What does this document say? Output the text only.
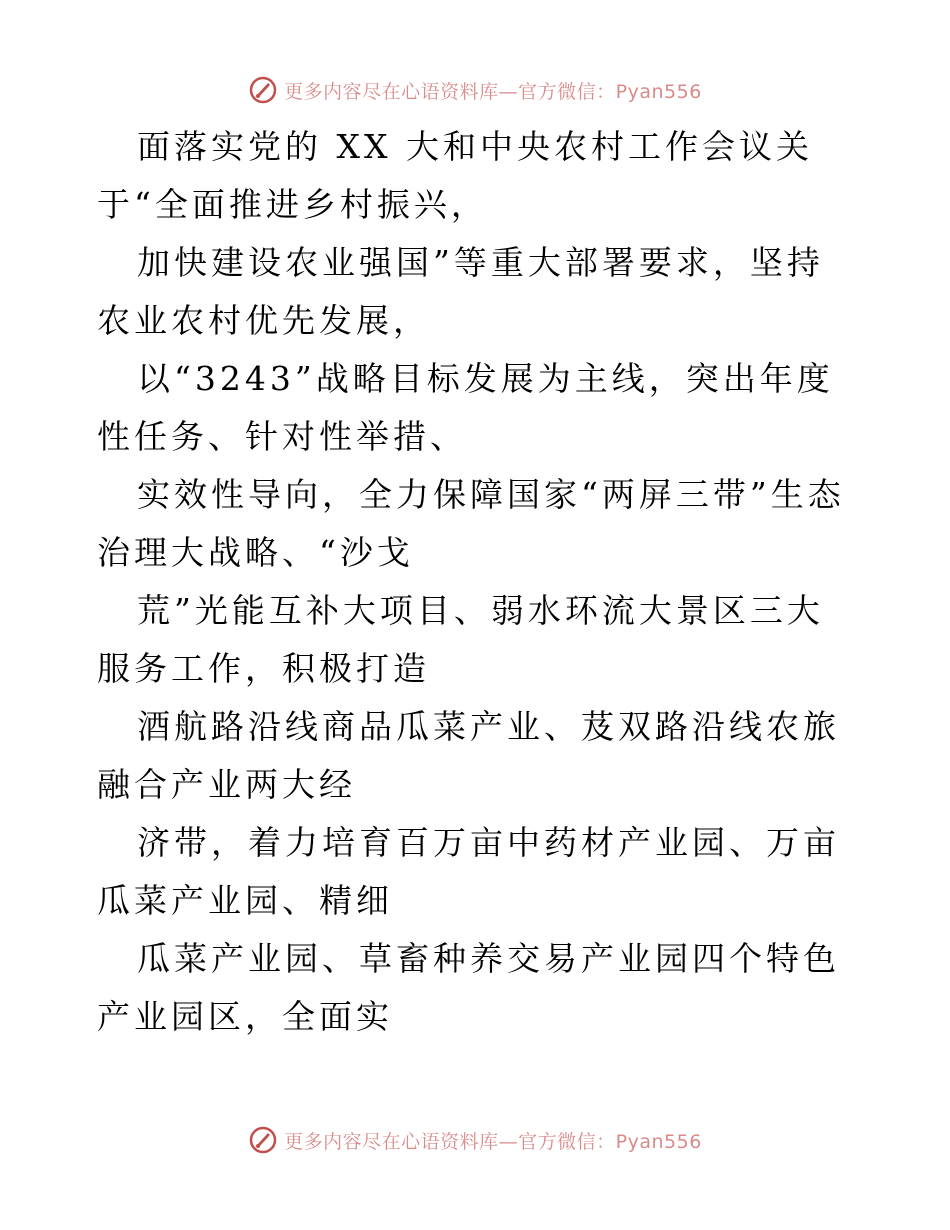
更多内容尽在心语资料库—官方微信：Pyan556

面落实党的 XX 大和中央农村工作会议关于“全面推进乡村振兴，

加快建设农业强国”等重大部署要求，坚持农业农村优先发展，

以“3243”战略目标发展为主线，突出年度性任务、针对性举措、

实效性导向，全力保障国家“两屏三带”生态治理大战略、“沙戈

荒”光能互补大项目、弱水环流大景区三大服务工作，积极打造

酒航路沿线商品瓜菜产业、芨双路沿线农旅融合产业两大经

济带，着力培育百万亩中药材产业园、万亩瓜菜产业园、精细

瓜菜产业园、草畜种养交易产业园四个特色产业园区，全面实

更多内容尽在心语资料库—官方微信：Pyan556
